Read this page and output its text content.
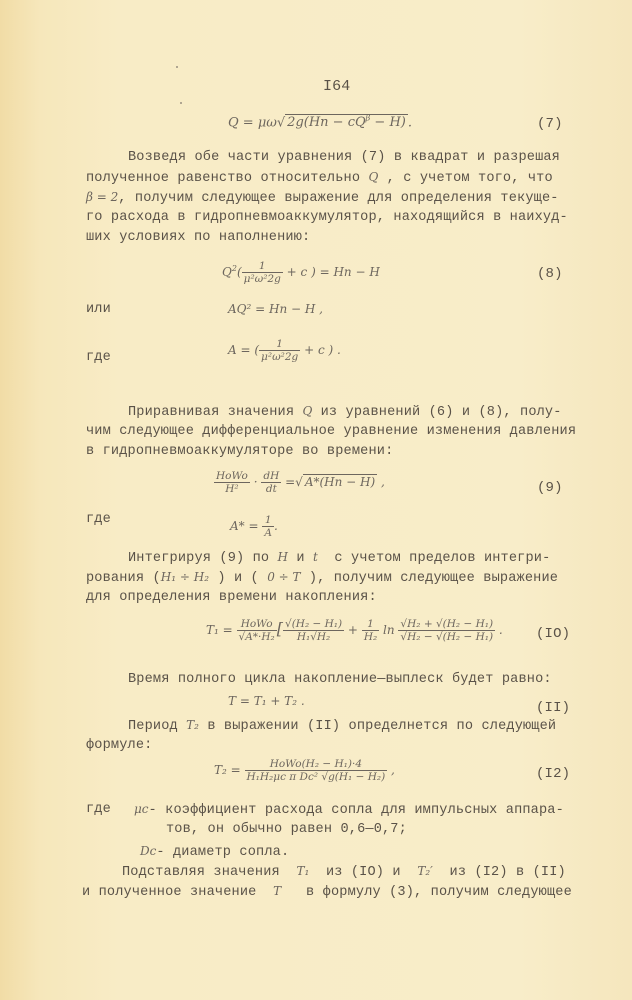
I64
Q = μω√ $2g(Hп - cQ^\beta - H)$ .	(7)
Возведя обе части уравнения (7) в квадрат и разрешая
полученное равенство относительно Q , с учетом того, что
β = 2, получим следующее выражение для определения текуще-
го расхода в гидропневмоаккумулятор, находящийся в наихуд-
ших условиях по наполнению:
$Q^2( \frac{1}{\text{μ²ω²2g}} + c$ ) = Hп − H	(8)
или	AQ² = Hп − H ,
где	A = ( $\frac{1}{\text{μ²ω²2g}} + c$ ) .
Приравнивая значения Q из уравнений (6) и (8), полу-
чим следующее дифференциальное уравнение изменения давления
в гидропневмоаккумуляторе во времени:
$\frac{\text{HoWo}}{\text{H²}} \cdot \frac{dH}{dt}$ =√ A*(Hп − H) ,	(9)
где	$A* = \frac{1}{A}$ .
Интегрируя (9) по H и t с учетом пределов интегри-
рования (H₁ ÷ H₂ ) и ( 0 ÷ T ), получим следующее выражение
для определения времени накопления:
$T_1 = \frac{\text{HoWo}}{\text{√A*·H₂}}$ [ $\frac{\text{√(H₂ − H₁)}}{\text{H₁√H₂}} + \frac{1}{\text{H₂}}$ $\ln \frac{\text{√H₂ + √(H₂ − H₁)}}{\text{√H₂ − √(H₂ − H₁)}}$ . (IO)
Время полного цикла накопление—выплеск будет равно:
T = T₁ + T₂ .	(II)
Период T₂ в выражении (II) определнется по следующей
формуле:
$T_2 = \frac{\text{HoWo(H₂ − H₁)·4}}{\text{H₁H₂μc π Dc² √g(H₁ − H₂)}}$ ,	(I2)
где μc- коэффициент расхода сопла для импульсных аппара-
тов, он обычно равен 0,6—0,7;
Dc- диаметр сопла.
Подставляя значения T₁ из (IO) и T₂′ из (I2) в (II)
и полученное значение T в формулу (3), получим следующее
